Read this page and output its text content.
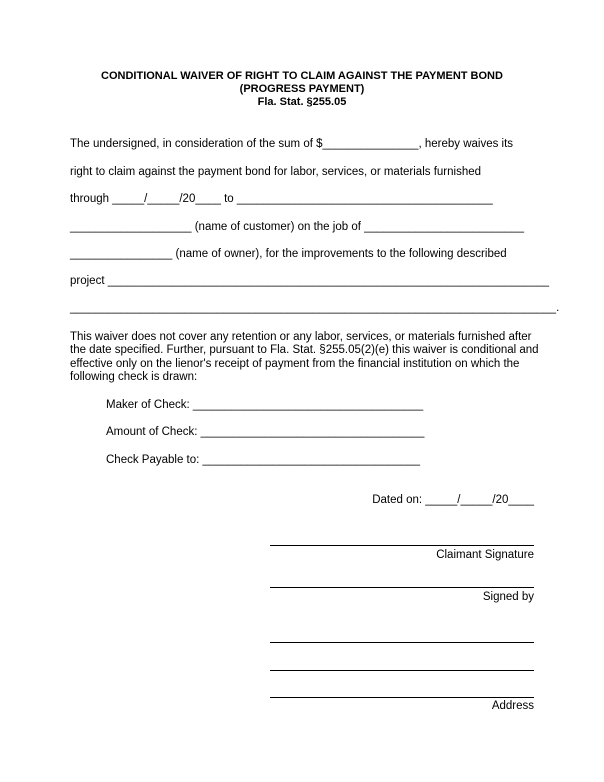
CONDITIONAL WAIVER OF RIGHT TO CLAIM AGAINST THE PAYMENT BOND
(PROGRESS PAYMENT)
Fla. Stat. §255.05
The undersigned, in consideration of the sum of $_______________, hereby waives its
right to claim against the payment bond for labor, services, or materials furnished
through _____/_____/20____ to ________________________________________
___________________ (name of customer) on the job of _________________________
________________ (name of owner), for the improvements to the following described
project _____________________________________________________________________
____________________________________________________________________________.
This waiver does not cover any retention or any labor, services, or materials furnished after the date specified. Further, pursuant to Fla. Stat. §255.05(2)(e) this waiver is conditional and effective only on the lienor's receipt of payment from the financial institution on which the following check is drawn:
Maker of Check: ____________________________________
Amount of Check: ___________________________________
Check Payable to: __________________________________
Dated on: _____/_____/20____
Claimant Signature
Signed by
Address
